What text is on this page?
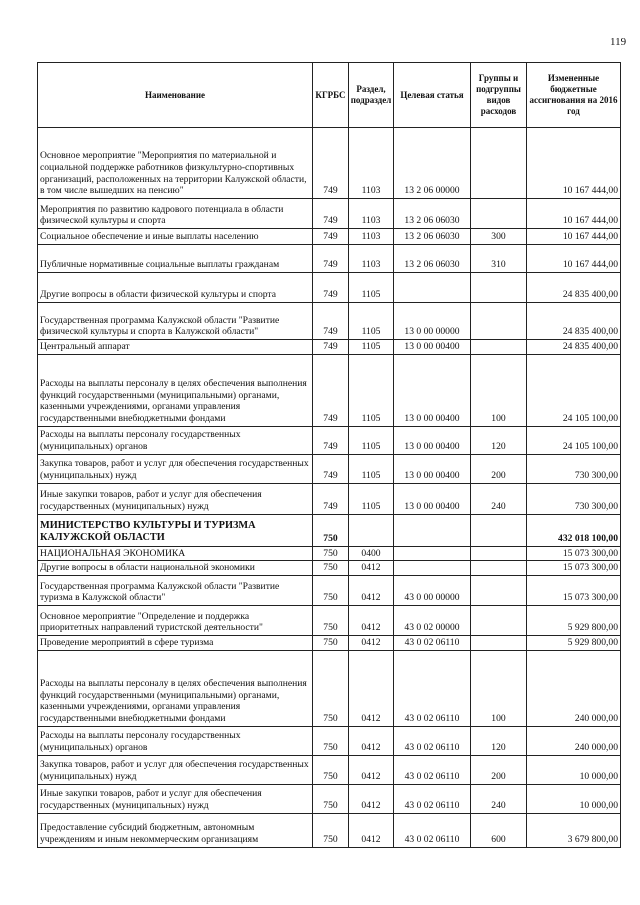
119
Наименование	КГРБС	Раздел, подраздел	Целевая статья	Группы и подгруппы видов расходов	Измененные бюджетные ассигнования на 2016 год
Основное мероприятие "Мероприятия по материальной и социальной поддержке работников физкультурно-спортивных организаций, расположенных на территории Калужской области, в том числе вышедших на пенсию"	749	1103	13 2 06 00000		10 167 444,00
Мероприятия по развитию кадрового потенциала в области физической культуры и спорта	749	1103	13 2 06 06030		10 167 444,00
Социальное обеспечение и иные выплаты населению	749	1103	13 2 06 06030	300	10 167 444,00
Публичные нормативные социальные выплаты гражданам	749	1103	13 2 06 06030	310	10 167 444,00
Другие вопросы в области физической культуры и спорта	749	1105			24 835 400,00
Государственная программа Калужской области "Развитие физической культуры и спорта в Калужской области"	749	1105	13 0 00 00000		24 835 400,00
Центральный аппарат	749	1105	13 0 00 00400		24 835 400,00
Расходы на выплаты персоналу в целях обеспечения выполнения функций государственными (муниципальными) органами, казенными учреждениями, органами управления государственными внебюджетными фондами	749	1105	13 0 00 00400	100	24 105 100,00
Расходы на выплаты персоналу государственных (муниципальных) органов	749	1105	13 0 00 00400	120	24 105 100,00
Закупка товаров, работ и услуг для обеспечения государственных (муниципальных) нужд	749	1105	13 0 00 00400	200	730 300,00
Иные закупки товаров, работ и услуг для обеспечения государственных (муниципальных) нужд	749	1105	13 0 00 00400	240	730 300,00
МИНИСТЕРСТВО КУЛЬТУРЫ И ТУРИЗМА КАЛУЖСКОЙ ОБЛАСТИ	750				432 018 100,00
НАЦИОНАЛЬНАЯ ЭКОНОМИКА	750	0400			15 073 300,00
Другие вопросы в области национальной экономики	750	0412			15 073 300,00
Государственная программа Калужской области "Развитие туризма в Калужской области"	750	0412	43 0 00 00000		15 073 300,00
Основное мероприятие "Определение и поддержка приоритетных направлений туристской деятельности"	750	0412	43 0 02 00000		5 929 800,00
Проведение мероприятий в сфере туризма	750	0412	43 0 02 06110		5 929 800,00
Расходы на выплаты персоналу в целях обеспечения выполнения функций государственными (муниципальными) органами, казенными учреждениями, органами управления государственными внебюджетными фондами	750	0412	43 0 02 06110	100	240 000,00
Расходы на выплаты персоналу государственных (муниципальных) органов	750	0412	43 0 02 06110	120	240 000,00
Закупка товаров, работ и услуг для обеспечения государственных (муниципальных) нужд	750	0412	43 0 02 06110	200	10 000,00
Иные закупки товаров, работ и услуг для обеспечения государственных (муниципальных) нужд	750	0412	43 0 02 06110	240	10 000,00
Предоставление субсидий бюджетным, автономным учреждениям и иным некоммерческим организациям	750	0412	43 0 02 06110	600	3 679 800,00
